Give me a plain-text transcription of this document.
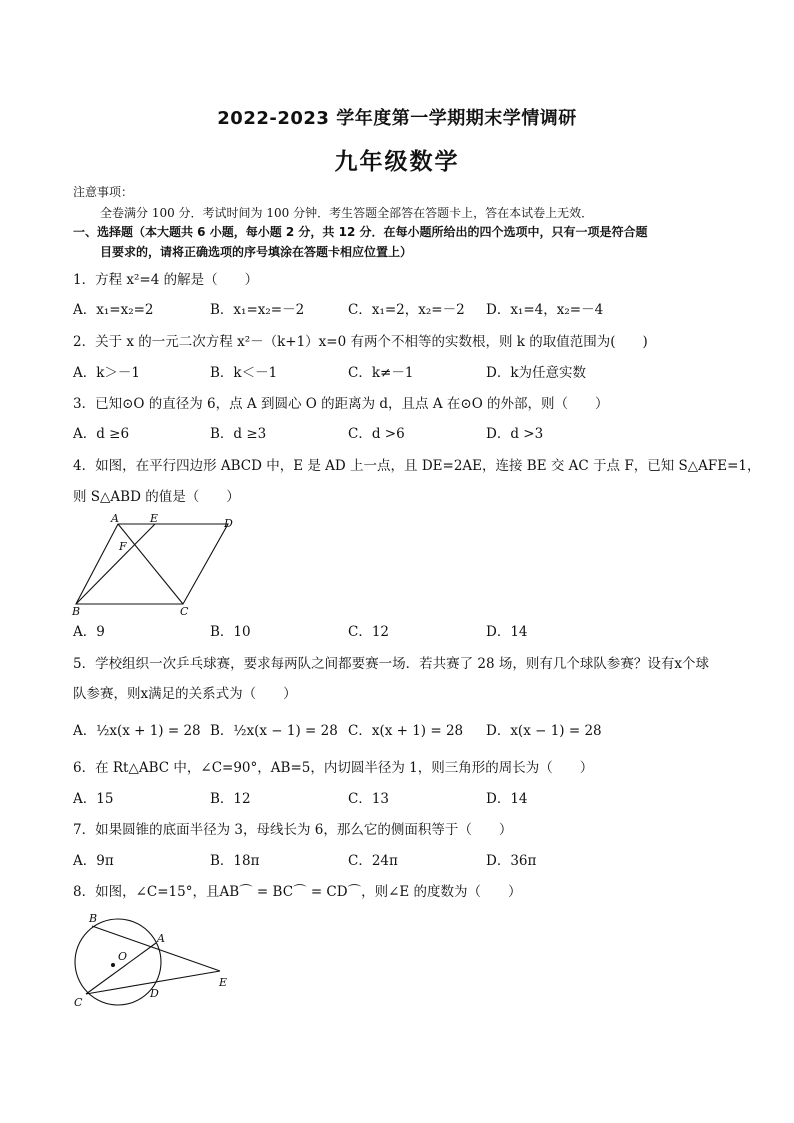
2022-2023 学年度第一学期期末学情调研
九年级数学
注意事项：
全卷满分 100 分．考试时间为 100 分钟．考生答题全部答在答题卡上，答在本试卷上无效．
一、选择题（本大题共 6 小题，每小题 2 分，共 12 分．在每小题所给出的四个选项中，只有一项是符合题
目要求的，请将正确选项的序号填涂在答题卡相应位置上）
1．方程 x²=4 的解是（　　）
A．x₁=x₂=2	B．x₁=x₂=－2	C．x₁=2，x₂=－2 D．x₁=4，x₂=－4
2．关于 x 的一元二次方程 x²－（k+1）x=0 有两个不相等的实数根，则 k 的取值范围为(　　)
A．k＞－1	B．k＜－1	C．k≠－1	D．k为任意实数
3．已知⊙O 的直径为 6，点 A 到圆心 O 的距离为 d，且点 A 在⊙O 的外部，则（　　）
A．d ≥6	B．d ≥3	C．d >6	D．d >3
4．如图，在平行四边形 ABCD 中，E 是 AD 上一点，且 DE=2AE，连接 BE 交 AC 于点 F，已知 S△AFE=1，
则 S△ABD 的值是（　　）
A	E	D
F
B	C
A．9	B．10	C．12	D．14
5．学校组织一次乒乓球赛，要求每两队之间都要赛一场．若共赛了 28 场，则有几个球队参赛？设有x个球
队参赛，则x满足的关系式为（　　）
A．½x(x + 1) = 28 B．½x(x − 1) = 28 C．x(x + 1) = 28 D．x(x − 1) = 28
6．在 Rt△ABC 中，∠C=90°，AB=5，内切圆半径为 1，则三角形的周长为（　　）
A．15	B．12	C．13	D．14
7．如果圆锥的底面半径为 3，母线长为 6，那么它的侧面积等于（　　）
A．9π	B．18π	C．24π	D．36π
8．如图，∠C=15°，且AB⌒ = BC⌒ = CD⌒，则∠E 的度数为（　　）
B
A
O
E
C
D
